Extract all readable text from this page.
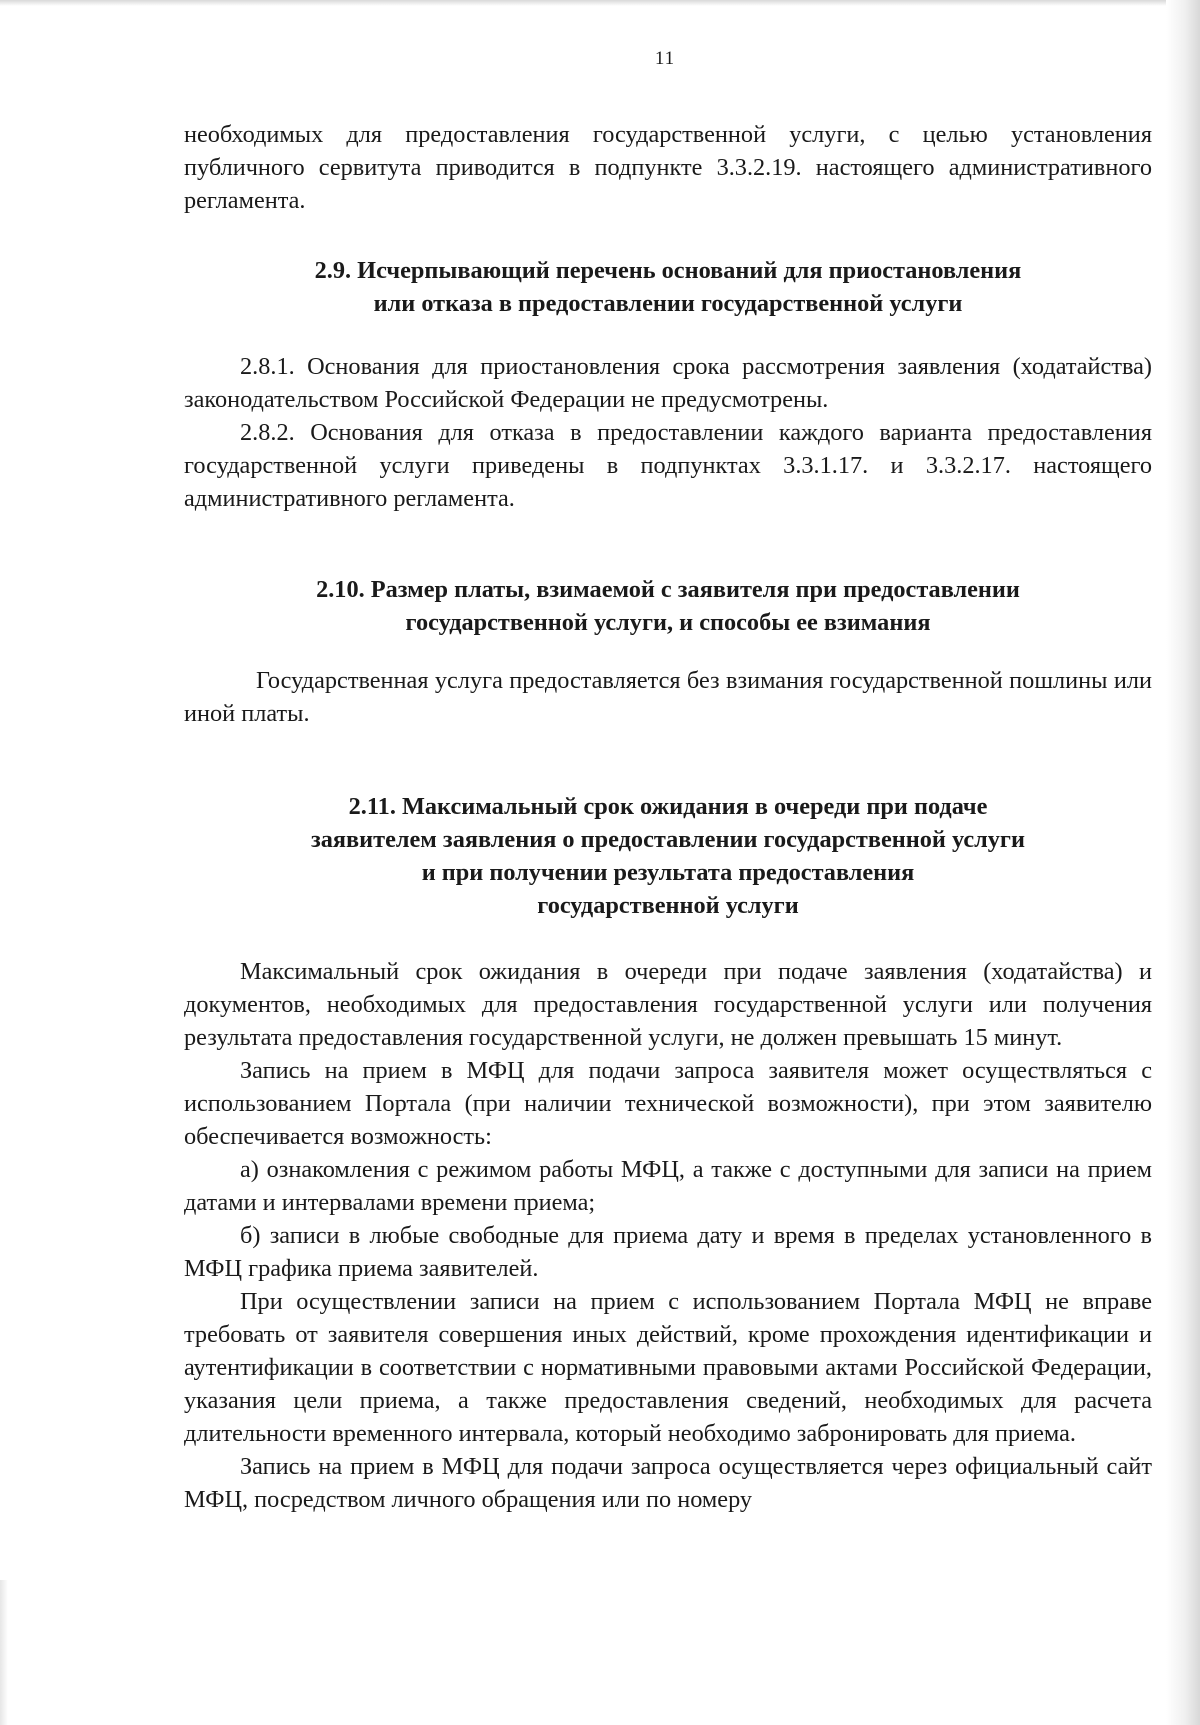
11

необходимых для предоставления государственной услуги, с целью установления публичного сервитута приводится в подпункте 3.3.2.19. настоящего административного регламента.

2.9. Исчерпывающий перечень оснований для приостановления
или отказа в предоставлении государственной услуги

2.8.1. Основания для приостановления срока рассмотрения заявления (ходатайства) законодательством Российской Федерации не предусмотрены.

2.8.2. Основания для отказа в предоставлении каждого варианта предоставления государственной услуги приведены в подпунктах 3.3.1.17. и 3.3.2.17. настоящего административного регламента.

2.10. Размер платы, взимаемой с заявителя при предоставлении
государственной услуги, и способы ее взимания

Государственная услуга предоставляется без взимания государственной пошлины или иной платы.

2.11. Максимальный срок ожидания в очереди при подаче
заявителем заявления о предоставлении государственной услуги
и при получении результата предоставления
государственной услуги

Максимальный срок ожидания в очереди при подаче заявления (ходатайства) и документов, необходимых для предоставления государственной услуги или получения результата предоставления государственной услуги, не должен превышать 15 минут.

Запись на прием в МФЦ для подачи запроса заявителя может осуществляться с использованием Портала (при наличии технической возможности), при этом заявителю обеспечивается возможность:

а) ознакомления с режимом работы МФЦ, а также с доступными для записи на прием датами и интервалами времени приема;

б) записи в любые свободные для приема дату и время в пределах установленного в МФЦ графика приема заявителей.

При осуществлении записи на прием с использованием Портала МФЦ не вправе требовать от заявителя совершения иных действий, кроме прохождения идентификации и аутентификации в соответствии с нормативными правовыми актами Российской Федерации, указания цели приема, а также предоставления сведений, необходимых для расчета длительности временного интервала, который необходимо забронировать для приема.

Запись на прием в МФЦ для подачи запроса осуществляется через официальный сайт МФЦ, посредством личного обращения или по номеру
